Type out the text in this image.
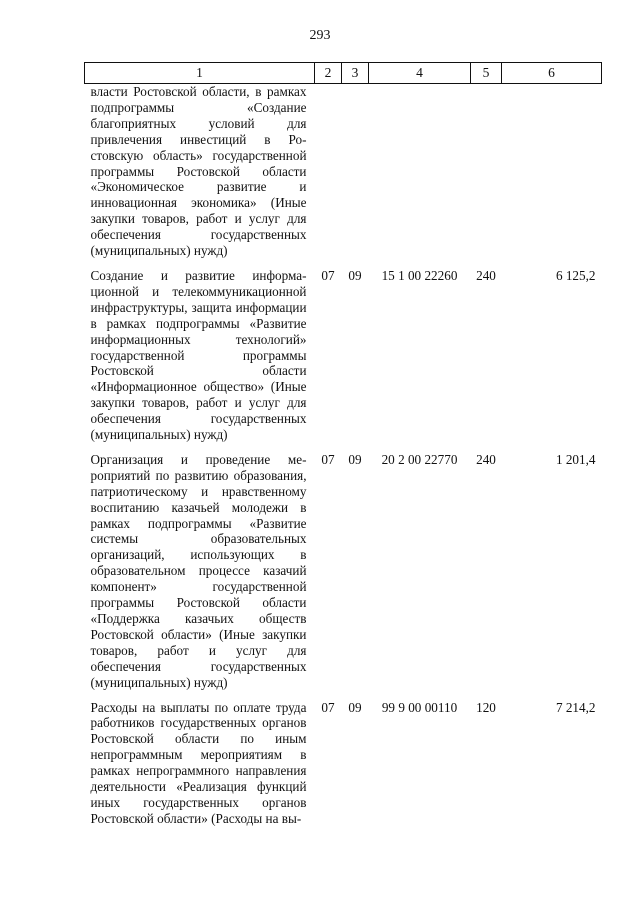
293
1	2	3	4	5	6
власти Ростовской области, в рамках подпрограммы «Создание благоприятных условий для привлечения инвестиций в Ростовскую область» государственной программы Ростовской области «Экономическое развитие и инновационная экономика» (Иные закупки товаров, работ и услуг для обеспечения государственных (муниципальных) нужд)					
Создание и развитие информационной и телекоммуникационной инфраструктуры, защита информации в рамках подпрограммы «Развитие информационных технологий» государственной программы Ростовской области «Информационное общество» (Иные закупки товаров, работ и услуг для обеспечения государственных (муниципальных) нужд)	07	09	15 1 00 22260	240	6 125,2
Организация и проведение мероприятий по развитию образования, патриотическому и нравственному воспитанию казачьей молодежи в рамках подпрограммы «Развитие системы образовательных организаций, использующих в образовательном процессе казачий компонент» государственной программы Ростовской области «Поддержка казачьих обществ Ростовской области» (Иные закупки товаров, работ и услуг для обеспечения государственных (муниципальных) нужд)	07	09	20 2 00 22770	240	1 201,4
Расходы на выплаты по оплате труда работников государственных органов Ростовской области по иным непрограммным мероприятиям в рамках непрограммного направления деятельности «Реализация функций иных государственных органов Ростовской области» (Расходы на вы-	07	09	99 9 00 00110	120	7 214,2
